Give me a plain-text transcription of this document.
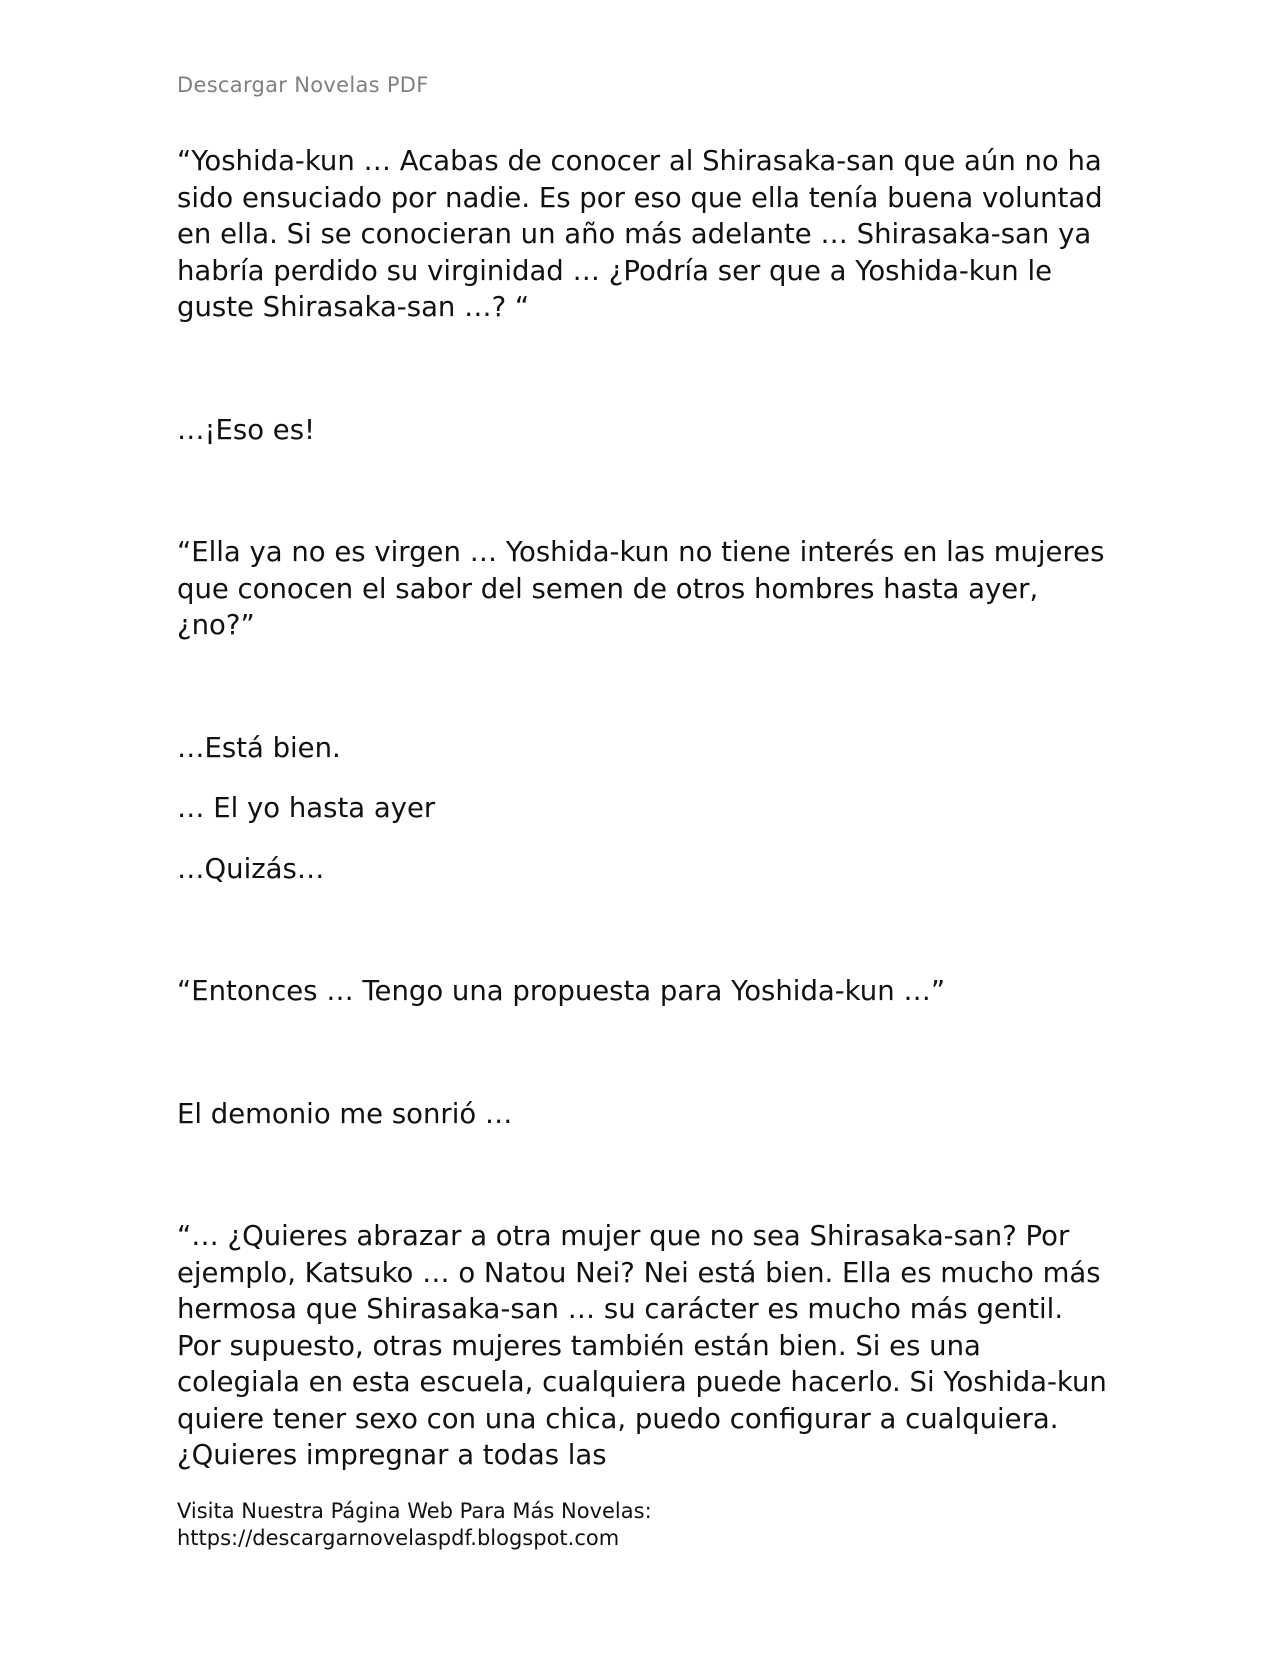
Descargar Novelas PDF

“Yoshida-kun … Acabas de conocer al Shirasaka-san que aún no ha sido ensuciado por nadie. Es por eso que ella tenía buena voluntad en ella. Si se conocieran un año más adelante … Shirasaka-san ya habría perdido su virginidad … ¿Podría ser que a Yoshida-kun le guste Shirasaka-san …? “

…¡Eso es!

“Ella ya no es virgen … Yoshida-kun no tiene interés en las mujeres que conocen el sabor del semen de otros hombres hasta ayer, ¿no?”

…Está bien.

… El yo hasta ayer

…Quizás…

“Entonces … Tengo una propuesta para Yoshida-kun …”

El demonio me sonrió …

“… ¿Quieres abrazar a otra mujer que no sea Shirasaka-san? Por ejemplo, Katsuko … o Natou Nei? Nei está bien. Ella es mucho más hermosa que Shirasaka-san … su carácter es mucho más gentil. Por supuesto, otras mujeres también están bien. Si es una colegiala en esta escuela, cualquiera puede hacerlo. Si Yoshida-kun quiere tener sexo con una chica, puedo configurar a cualquiera. ¿Quieres impregnar a todas las

Visita Nuestra Página Web Para Más Novelas:
https://descargarnovelaspdf.blogspot.com
